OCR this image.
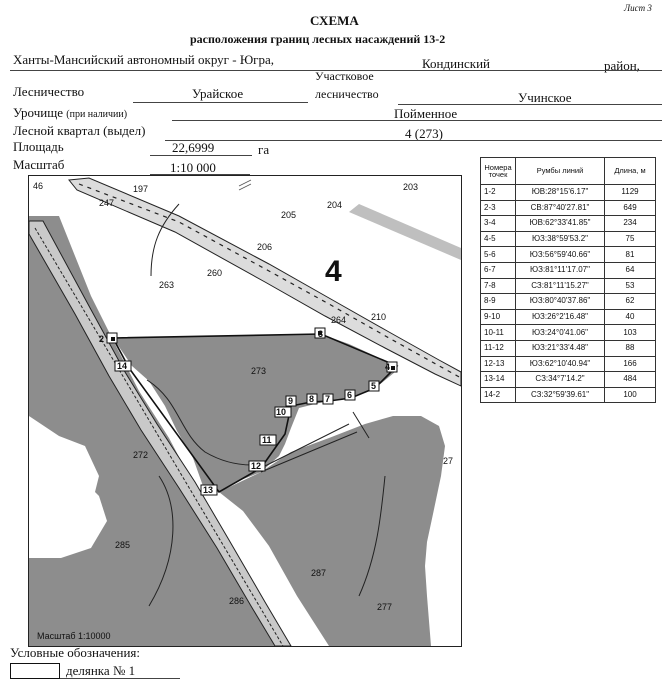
Лист 3
СХЕМА
расположения границ лесных насаждений 13-2
Ханты-Мансийский автономный округ - Югра,	Кондинский	район,
Лесничество	Урайское
Участковое
лесничество	Учинское
Урочище (при наличии)	Пойменное
Лесной квартал (выдел)	4 (273)
Площадь	22,6999	га
Масштаб	1:10 000
46	197	203
247
205
204
206
263
260
264	210
273
272
27
285
287
286
277
4
2	3
4
5
6
7
8
9
10
11
12
13
14
Масштаб 1:10000
Номера точек	Румбы линий	Длина, м
1-2	ЮВ:28°15'6.17"	1129
2-3	СВ:87°40'27.81"	649
3-4	ЮВ:62°33'41.85"	234
4-5	ЮЗ:38°59'53.2"	75
5-6	ЮЗ:56°59'40.66"	81
6-7	ЮЗ:81°11'17.07"	64
7-8	СЗ:81°11'15.27"	53
8-9	ЮЗ:80°40'37.86"	62
9-10	ЮЗ:26°2'16.48"	40
10-11	ЮЗ:24°0'41.06"	103
11-12	ЮЗ:21°33'4.48"	88
12-13	ЮЗ:62°10'40.94"	166
13-14	СЗ:34°7'14.2"	484
14-2	СЗ:32°59'39.61"	100
Условные обозначения:
делянка № 1
